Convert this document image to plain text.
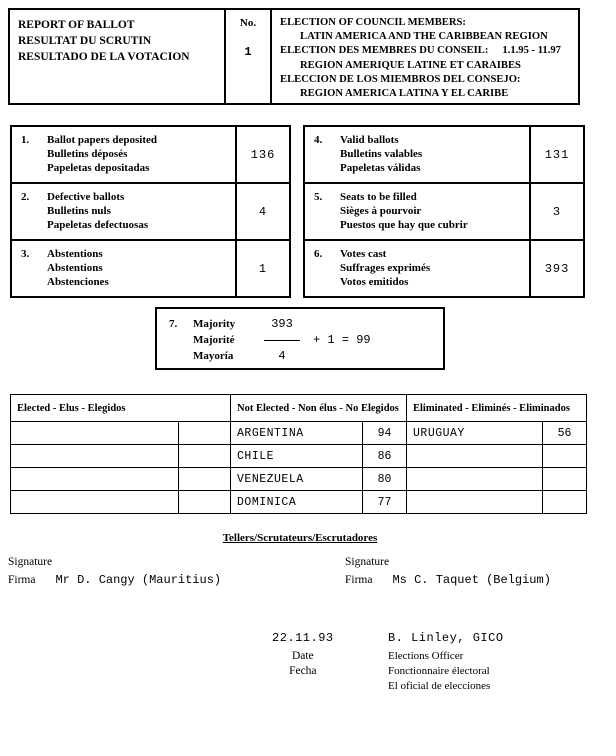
REPORT OF BALLOT
RESULTAT DU SCRUTIN
RESULTADO DE LA VOTACION
No.
1
ELECTION OF COUNCIL MEMBERS:
LATIN AMERICA AND THE CARIBBEAN REGION
ELECTION DES MEMBRES DU CONSEIL: 1.1.95 - 11.97
REGION AMERIQUE LATINE ET CARAIBES
ELECCION DE LOS MIEMBROS DEL CONSEJO:
REGION AMERICA LATINA Y EL CARIBE
1.	Ballot papers deposited
Bulletins déposés
Papeletas depositadas
136
2.	Defective ballots
Bulletins nuls
Papeletas defectuosas
4
3.	Abstentions
Abstentions
Abstenciones
1
4.	Valid ballots
Bulletins valables
Papeletas válidas
131
5.	Seats to be filled
Sièges à pourvoir
Puestos que hay que cubrir
3
6.	Votes cast
Suffrages exprimés
Votos emitidos
393
7.	Majority	393
Majorité	+ 1 = 99
Mayoría	4
Elected - Elus - Elegidos		Not Elected - Non élus - No Elegidos		Eliminated - Eliminés - Eliminados	
		ARGENTINA	94	URUGUAY	56
		CHILE	86		
		VENEZUELA	80		
		DOMINICA	77		
Tellers/Scrutateurs/Escrutadores
Signature
Firma Mr D. Cangy (Mauritius)
Signature
Firma Ms C. Taquet (Belgium)
22.11.93
Date
Fecha
B. Linley, GICO
Elections Officer
Fonctionnaire électoral
El oficial de elecciones
